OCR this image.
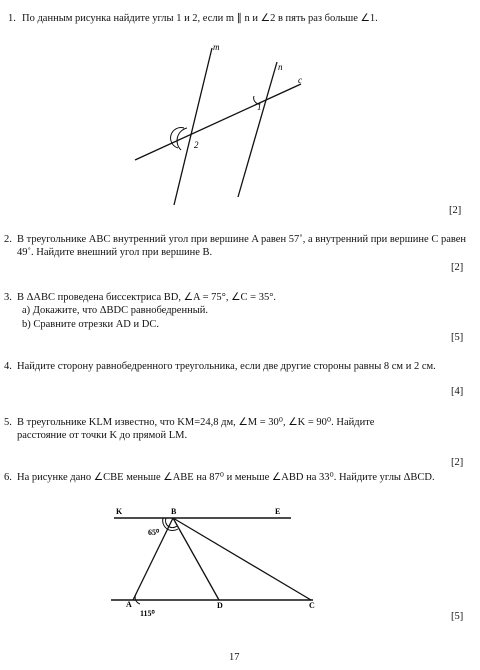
1. По данным рисунка найдите углы 1 и 2, если m ∥ n и ∠2 в пять раз больше ∠1.
m
n
c
1
2
[2]
2. В треугольнике ABC внутренний угол при вершине A равен 57˚, а внутренний при вершине C равен 49˚. Найдите внешний угол при вершине B.
[2]
3. В ΔABC проведена биссектриса BD, ∠A = 75°, ∠C = 35°.
a) Докажите, что ΔBDC равнобедренный.
b) Сравните отрезки AD и DC.
[5]
4. Найдите сторону равнобедренного треугольника, если две другие стороны равны 8 см и 2 см.
[4]
5. В треугольнике KLM известно, что KM=24,8 дм, ∠M = 30⁰, ∠K = 90⁰. Найдите расстояние от точки K до прямой LM.
[2]
6. На рисунке дано ∠CBE меньше ∠ABE на 87⁰ и меньше ∠ABD на 33⁰. Найдите углы ΔBCD.
K	B	E
A	D	C
65⁰
115⁰	[5]
17
